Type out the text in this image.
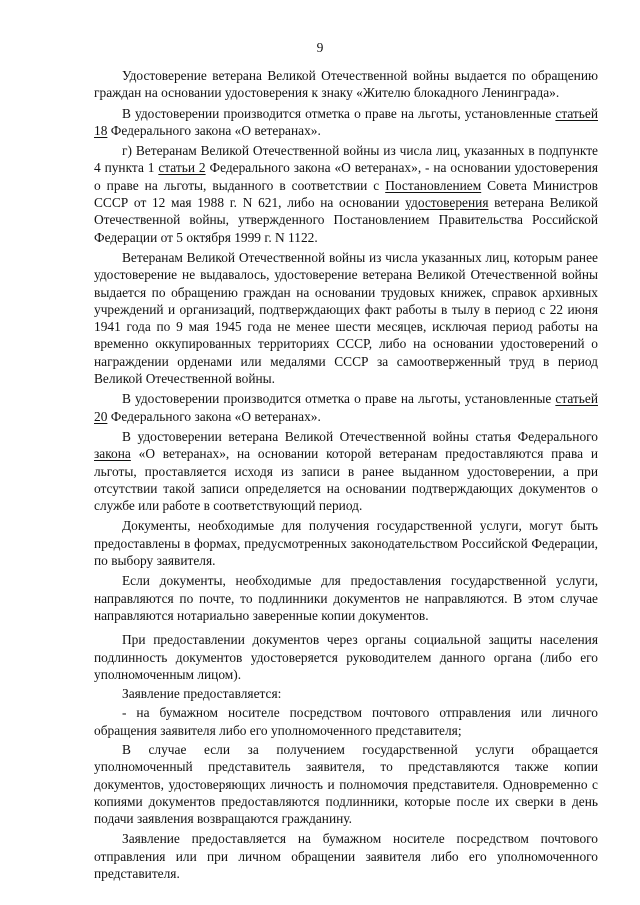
9

Удостоверение ветерана Великой Отечественной войны выдается по обращению граждан на основании удостоверения к знаку «Жителю блокадного Ленинграда».

В удостоверении производится отметка о праве на льготы, установленные статьей 18 Федерального закона «О ветеранах».

г) Ветеранам Великой Отечественной войны из числа лиц, указанных в подпункте 4 пункта 1 статьи 2 Федерального закона «О ветеранах», - на основании удостоверения о праве на льготы, выданного в соответствии с Постановлением Совета Министров СССР от 12 мая 1988 г. N 621, либо на основании удостоверения ветерана Великой Отечественной войны, утвержденного Постановлением Правительства Российской Федерации от 5 октября 1999 г. N 1122.

Ветеранам Великой Отечественной войны из числа указанных лиц, которым ранее удостоверение не выдавалось, удостоверение ветерана Великой Отечественной войны выдается по обращению граждан на основании трудовых книжек, справок архивных учреждений и организаций, подтверждающих факт работы в тылу в период с 22 июня 1941 года по 9 мая 1945 года не менее шести месяцев, исключая период работы на временно оккупированных территориях СССР, либо на основании удостоверений о награждении орденами или медалями СССР за самоотверженный труд в период Великой Отечественной войны.

В удостоверении производится отметка о праве на льготы, установленные статьей 20 Федерального закона «О ветеранах».

В удостоверении ветерана Великой Отечественной войны статья Федерального закона «О ветеранах», на основании которой ветеранам предоставляются права и льготы, проставляется исходя из записи в ранее выданном удостоверении, а при отсутствии такой записи определяется на основании подтверждающих документов о службе или работе в соответствующий период.

Документы, необходимые для получения государственной услуги, могут быть предоставлены в формах, предусмотренных законодательством Российской Федерации, по выбору заявителя.

Если документы, необходимые для предоставления государственной услуги, направляются по почте, то подлинники документов не направляются. В этом случае направляются нотариально заверенные копии документов.

При предоставлении документов через органы социальной защиты населения подлинность документов удостоверяется руководителем данного органа (либо его уполномоченным лицом).

Заявление предоставляется:

- на бумажном носителе посредством почтового отправления или личного обращения заявителя либо его уполномоченного представителя;

В случае если за получением государственной услуги обращается уполномоченный представитель заявителя, то представляются также копии документов, удостоверяющих личность и полномочия представителя. Одновременно с копиями документов предоставляются подлинники, которые после их сверки в день подачи заявления возвращаются гражданину.

Заявление предоставляется на бумажном носителе посредством почтового отправления или при личном обращении заявителя либо его уполномоченного представителя.
